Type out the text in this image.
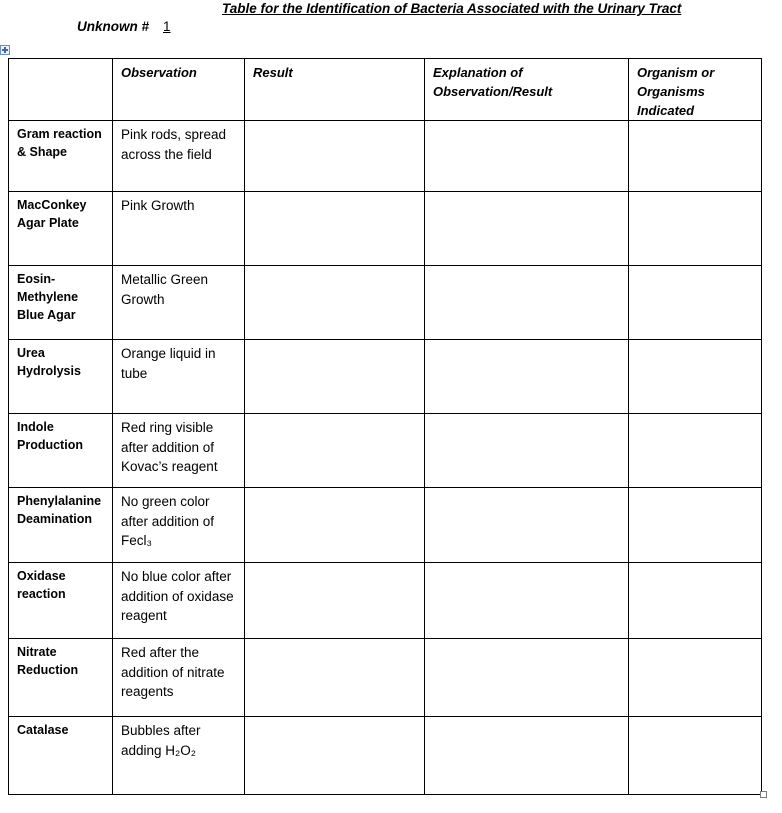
Table for the Identification of Bacteria Associated with the Urinary Tract
Unknown # 1
	Observation	Result	Explanation of Observation/Result	Organism or Organisms Indicated
Gram reaction & Shape	Pink rods, spread across the field			
MacConkey Agar Plate	Pink Growth			
Eosin-Methylene Blue Agar	Metallic Green Growth			
Urea Hydrolysis	Orange liquid in tube			
Indole Production	Red ring visible after addition of Kovac’s reagent			
Phenylalanine Deamination	No green color after addition of Fecl₃			
Oxidase reaction	No blue color after addition of oxidase reagent			
Nitrate Reduction	Red after the addition of nitrate reagents			
Catalase	Bubbles after adding H₂O₂			
